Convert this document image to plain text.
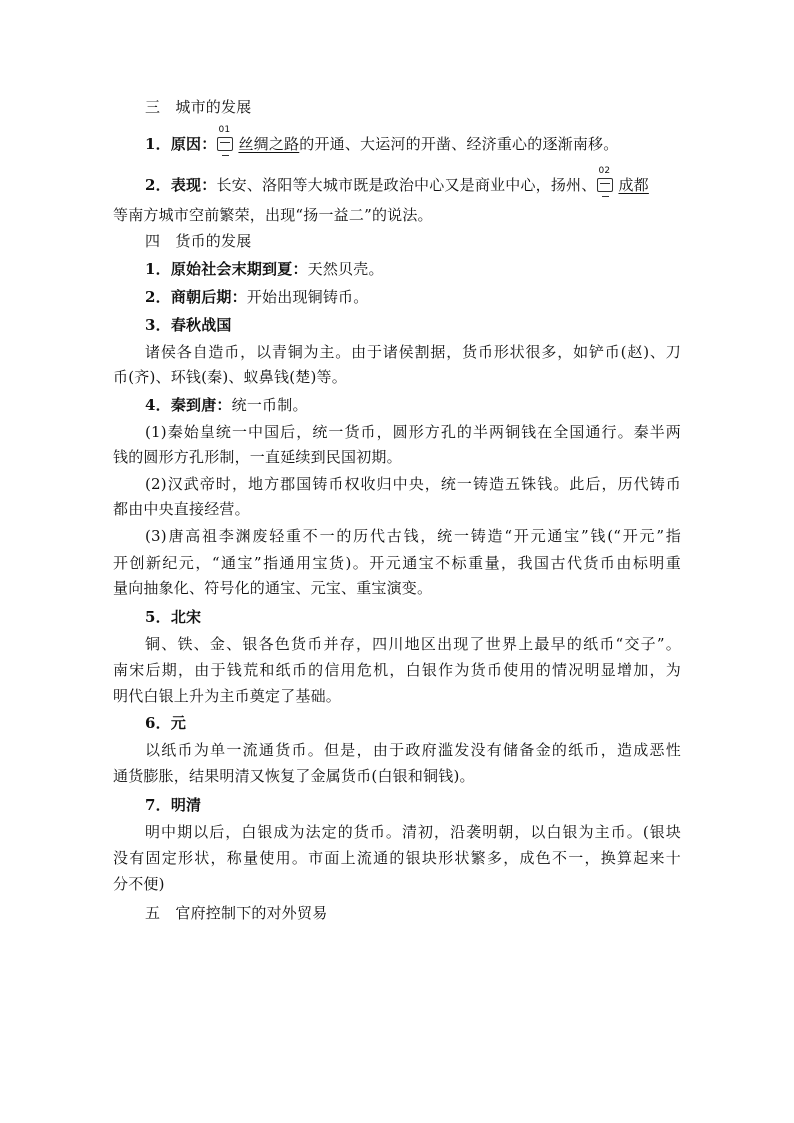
三　城市的发展
1．原因：
01
丝绸之路的开通、大运河的开凿、经济重心的逐渐南移。
2．表现：长安、洛阳等大城市既是政治中心又是商业中心，扬州、
02
成都
等南方城市空前繁荣，出现“扬一益二”的说法。
四　货币的发展
1．原始社会末期到夏：天然贝壳。
2．商朝后期：开始出现铜铸币。
3．春秋战国
诸侯各自造币，以青铜为主。由于诸侯割据，货币形状很多，如铲币(赵)、刀
币(齐)、环钱(秦)、蚁鼻钱(楚)等。
4．秦到唐：统一币制。
(1)秦始皇统一中国后，统一货币，圆形方孔的半两铜钱在全国通行。秦半两
钱的圆形方孔形制，一直延续到民国初期。
(2)汉武帝时，地方郡国铸币权收归中央，统一铸造五铢钱。此后，历代铸币
都由中央直接经营。
(3)唐高祖李渊废轻重不一的历代古钱，统一铸造“开元通宝”钱(“开元”指
开创新纪元，“通宝”指通用宝货)。开元通宝不标重量，我国古代货币由标明重
量向抽象化、符号化的通宝、元宝、重宝演变。
5．北宋
铜、铁、金、银各色货币并存，四川地区出现了世界上最早的纸币“交子”。
南宋后期，由于钱荒和纸币的信用危机，白银作为货币使用的情况明显增加，为
明代白银上升为主币奠定了基础。
6．元
以纸币为单一流通货币。但是，由于政府滥发没有储备金的纸币，造成恶性
通货膨胀，结果明清又恢复了金属货币(白银和铜钱)。
7．明清
明中期以后，白银成为法定的货币。清初，沿袭明朝，以白银为主币。(银块
没有固定形状，称量使用。市面上流通的银块形状繁多，成色不一，换算起来十
分不便)
五　官府控制下的对外贸易
